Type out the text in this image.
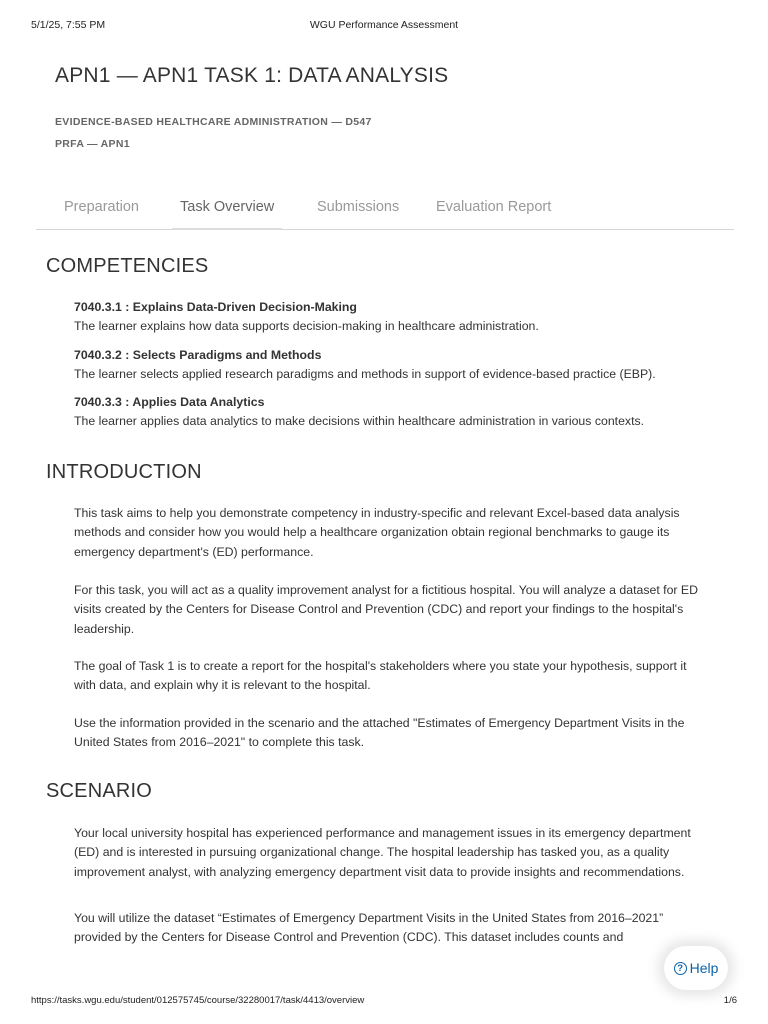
5/1/25, 7:55 PM	WGU Performance Assessment
APN1 — APN1 TASK 1: DATA ANALYSIS
EVIDENCE-BASED HEALTHCARE ADMINISTRATION — D547
PRFA — APN1
Preparation	Task Overview	Submissions	Evaluation Report
COMPETENCIES
7040.3.1 : Explains Data-Driven Decision-Making
The learner explains how data supports decision-making in healthcare administration.
7040.3.2 : Selects Paradigms and Methods
The learner selects applied research paradigms and methods in support of evidence-based practice (EBP).
7040.3.3 : Applies Data Analytics
The learner applies data analytics to make decisions within healthcare administration in various contexts.
INTRODUCTION

This task aims to help you demonstrate competency in industry-specific and relevant Excel-based data analysis methods and consider how you would help a healthcare organization obtain regional benchmarks to gauge its emergency department's (ED) performance.

For this task, you will act as a quality improvement analyst for a fictitious hospital. You will analyze a dataset for ED visits created by the Centers for Disease Control and Prevention (CDC) and report your findings to the hospital's leadership.

The goal of Task 1 is to create a report for the hospital's stakeholders where you state your hypothesis, support it with data, and explain why it is relevant to the hospital.

Use the information provided in the scenario and the attached "Estimates of Emergency Department Visits in the United States from 2016–2021" to complete this task.

SCENARIO

Your local university hospital has experienced performance and management issues in its emergency department (ED) and is interested in pursuing organizational change. The hospital leadership has tasked you, as a quality improvement analyst, with analyzing emergency department visit data to provide insights and recommendations.

You will utilize the dataset “Estimates of Emergency Department Visits in the United States from 2016–2021” provided by the Centers for Disease Control and Prevention (CDC). This dataset includes counts and

? Help
https://tasks.wgu.edu/student/012575745/course/32280017/task/4413/overview	1/6
